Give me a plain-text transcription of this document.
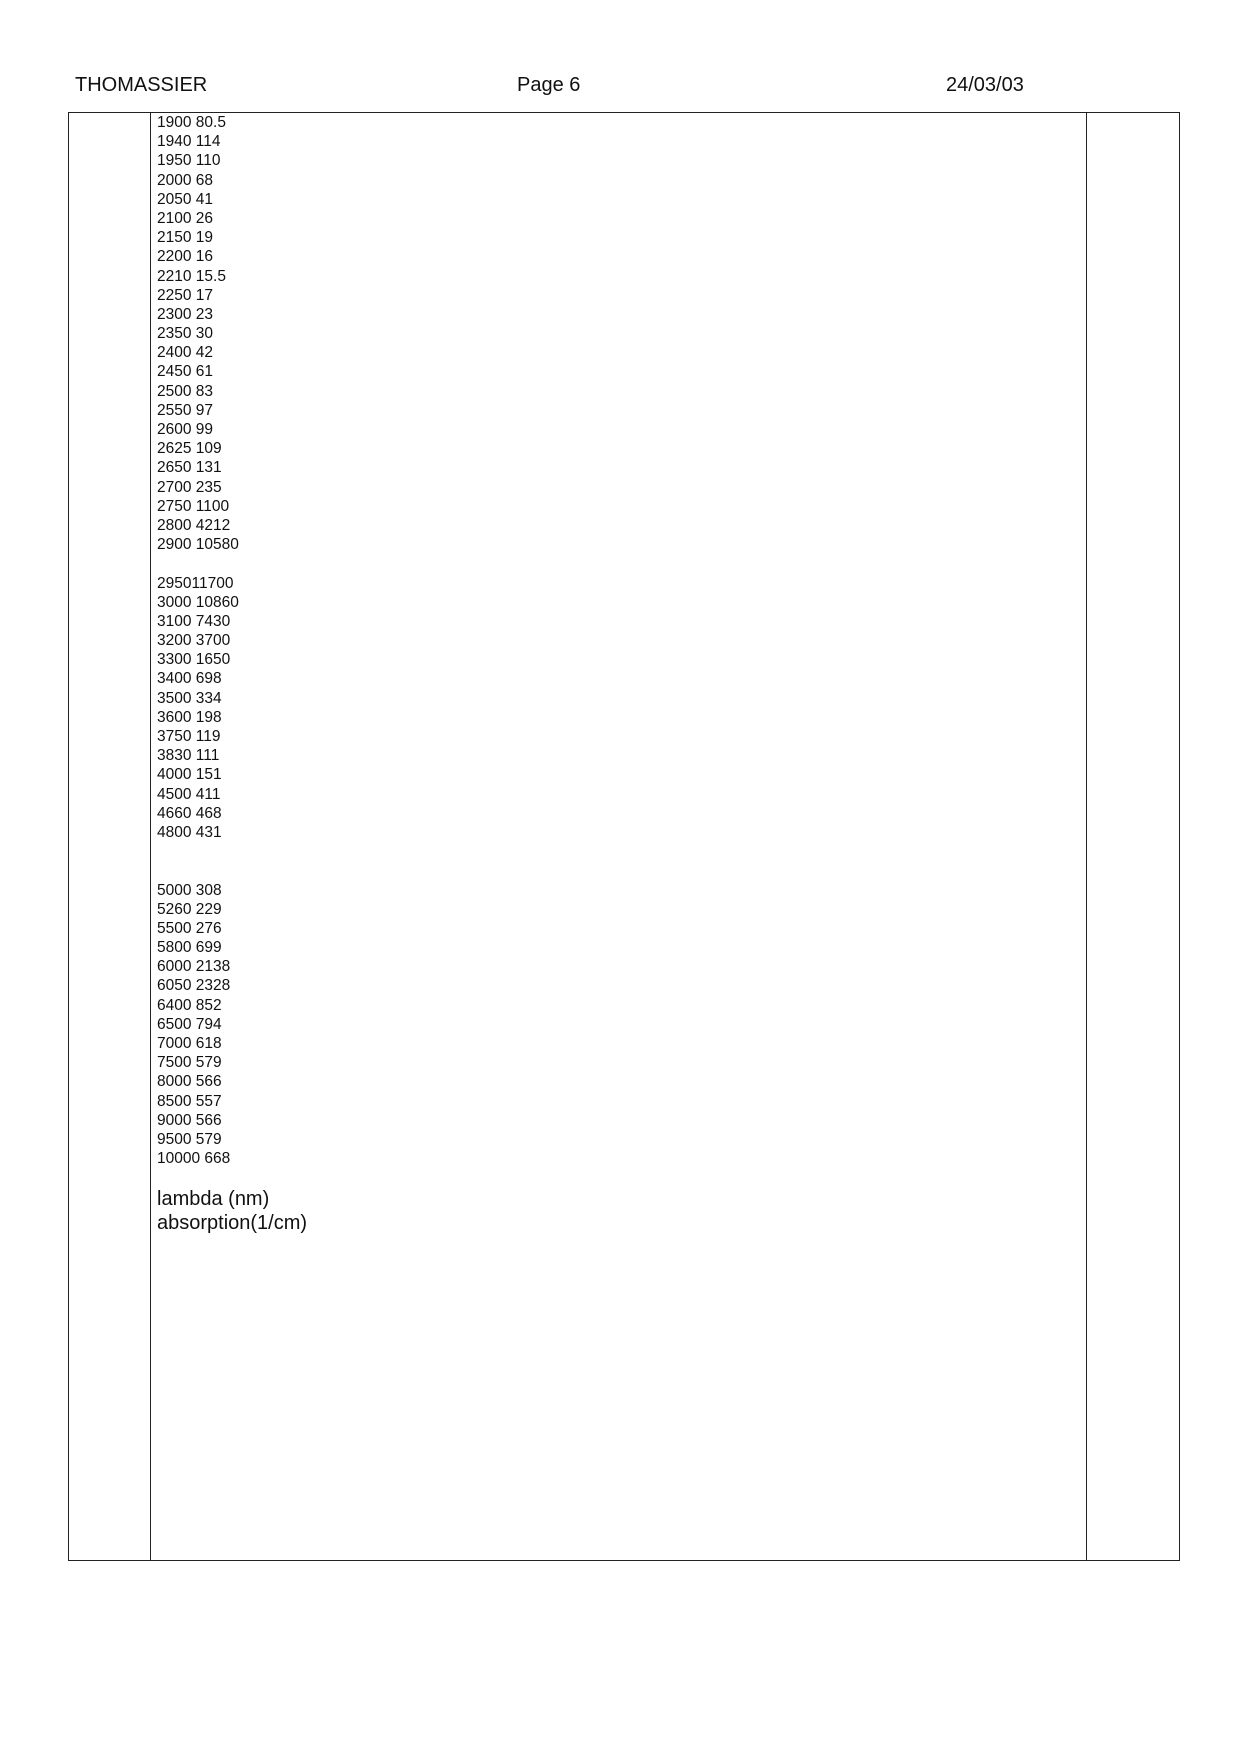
THOMASSIER	Page 6	24/03/03
1900 80.5
1940 114
1950 110
2000 68
2050 41
2100 26
2150 19
2200 16
2210 15.5
2250 17
2300 23
2350 30
2400 42
2450 61
2500 83
2550 97
2600 99
2625 109
2650 131
2700 235
2750 1100
2800 4212
2900 10580
295011700
3000 10860
3100 7430
3200 3700
3300 1650
3400 698
3500 334
3600 198
3750 119
3830 111
4000 151
4500 411
4660 468
4800 431
5000 308
5260 229
5500 276
5800 699
6000 2138
6050 2328
6400 852
6500 794
7000 618
7500 579
8000 566
8500 557
9000 566
9500 579
10000 668
lambda (nm)
absorption(1/cm)
